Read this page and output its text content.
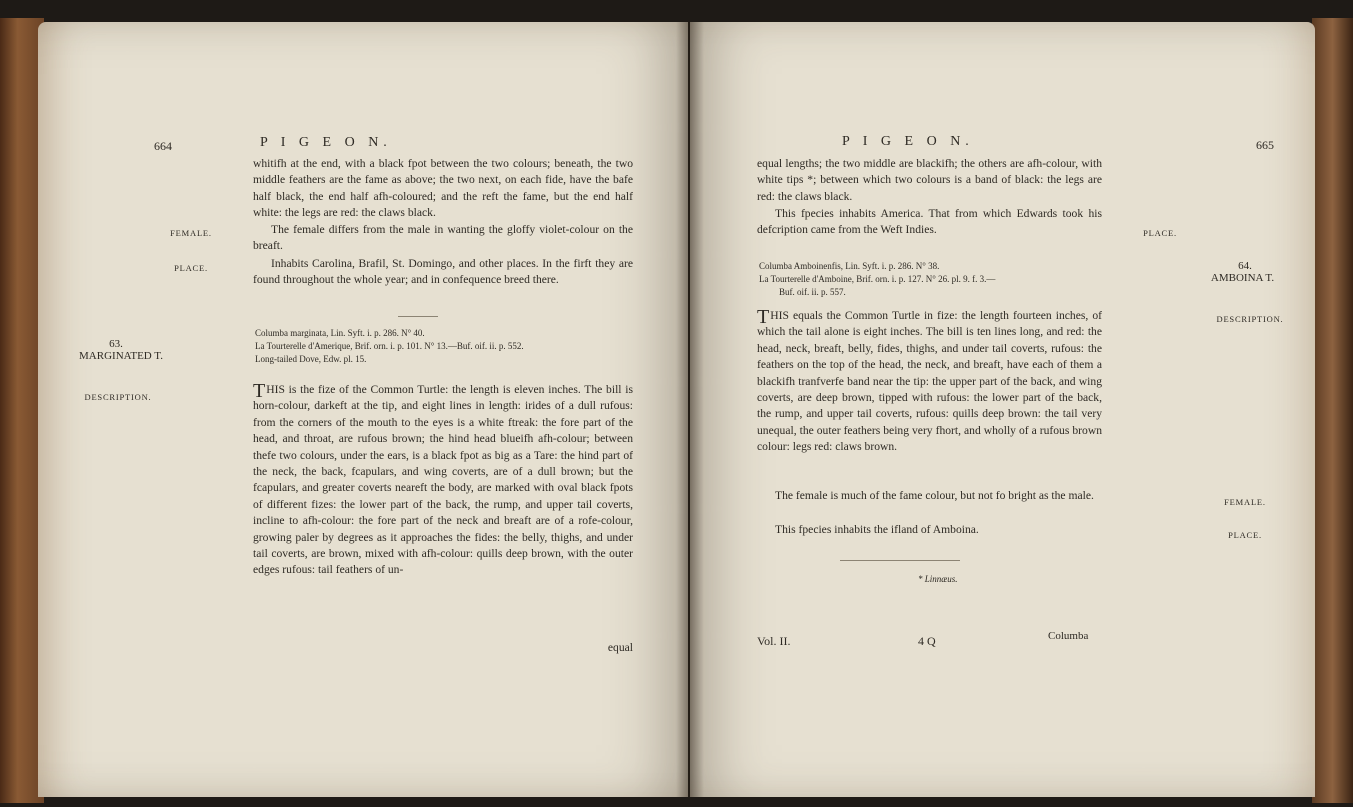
664	P I G E O N.

whitifh at the end, with a black fpot between the two colours; beneath, the two middle feathers are the fame as above; the two next, on each fide, have the bafe half black, the end half afh-coloured; and the reft the fame, but the end half white: the legs are red: the claws black.

FEMALE.	The female differs from the male in wanting the gloffy violet-colour on the breaft.

PLACE.	Inhabits Carolina, Brafil, St. Domingo, and other places. In the firft they are found throughout the whole year; and in confequence breed there.

63.
MARGINATED T.
Columba marginata, Lin. Syft. i. p. 286. N° 40.
La Tourterelle d'Amerique, Brif. orn. i. p. 101. N° 13.—Buf. oif. ii. p. 552.
Long-tailed Dove, Edw. pl. 15.
DESCRIPTION.	THIS is the fize of the Common Turtle: the length is eleven inches. The bill is horn-colour, darkeft at the tip, and eight lines in length: irides of a dull rufous: from the corners of the mouth to the eyes is a white ftreak: the fore part of the head, and throat, are rufous brown; the hind head blueifh afh-colour; between thefe two colours, under the ears, is a black fpot as big as a Tare: the hind part of the neck, the back, fcapulars, and wing coverts, are of a dull brown; but the fcapulars, and greater coverts neareft the body, are marked with oval black fpots of different fizes: the lower part of the back, the rump, and upper tail coverts, incline to afh-colour: the fore part of the neck and breaft are of a rofe-colour, growing paler by degrees as it approaches the fides: the belly, thighs, and under tail coverts, are brown, mixed with afh-colour: quills deep brown, with the outer edges rufous: tail feathers of un-
equal
P I G E O N.	665

equal lengths; the two middle are blackifh; the others are afh-colour, with white tips *; between which two colours is a band of black: the legs are red: the claws black.

PLACE.

This fpecies inhabits America. That from which Edwards took his defcription came from the Weft Indies.

Columba Amboinenfis, Lin. Syft. i. p. 286. N° 38.
La Tourterelle d'Amboine, Brif. orn. i. p. 127. N° 26. pl. 9. f. 3.—
Buf. oif. ii. p. 557.
64.
AMBOINA T.
DESCRIPTION.
THIS equals the Common Turtle in fize: the length fourteen inches, of which the tail alone is eight inches. The bill is ten lines long, and red: the head, neck, breaft, belly, fides, thighs, and under tail coverts, rufous: the feathers on the top of the head, the neck, and breaft, have each of them a blackifh tranfverfe band near the tip: the upper part of the back, and wing coverts, are deep brown, tipped with rufous: the lower part of the back, the rump, and upper tail coverts, rufous: quills deep brown: the tail very unequal, the outer feathers being very fhort, and wholly of a rufous brown colour: legs red: claws brown.
FEMALE.

The female is much of the fame colour, but not fo bright as the male.

PLACE.

This fpecies inhabits the ifland of Amboina.

* Linnæus.
Vol. II.	4 Q	Columba
